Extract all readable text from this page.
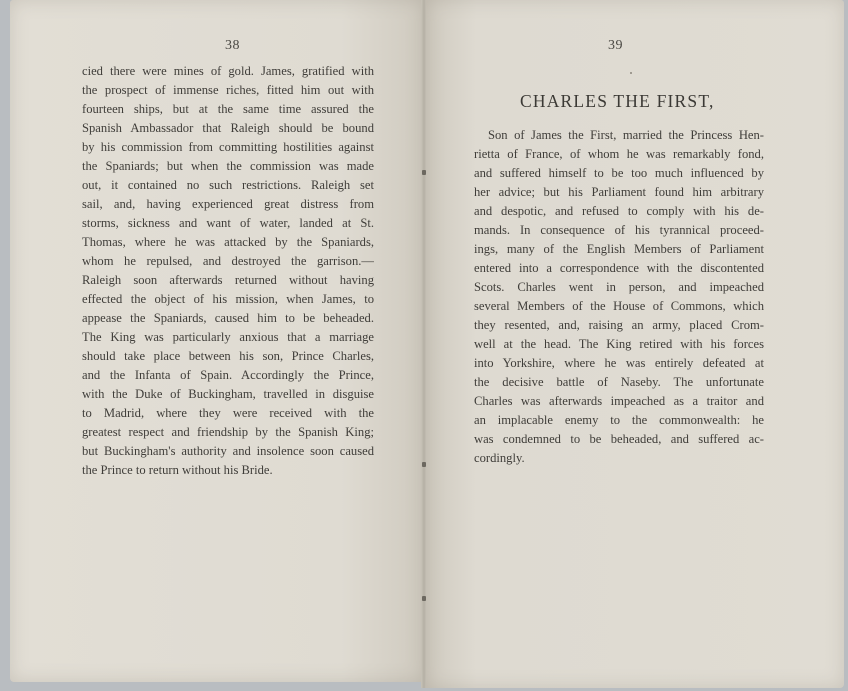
38
cied there were mines of gold. James, gratified with
the prospect of immense riches, fitted him out with
fourteen ships, but at the same time assured the
Spanish Ambassador that Raleigh should be bound
by his commission from committing hostilities against
the Spaniards; but when the commission was made
out, it contained no such restrictions. Raleigh set
sail, and, having experienced great distress from
storms, sickness and want of water, landed at St.
Thomas, where he was attacked by the Spaniards,
whom he repulsed, and destroyed the garrison.—
Raleigh soon afterwards returned without having
effected the object of his mission, when James, to
appease the Spaniards, caused him to be beheaded.
The King was particularly anxious that a marriage
should take place between his son, Prince Charles,
and the Infanta of Spain. Accordingly the Prince,
with the Duke of Buckingham, travelled in disguise
to Madrid, where they were received with the
greatest respect and friendship by the Spanish King;
but Buckingham's authority and insolence soon caused
the Prince to return without his Bride.
39
CHARLES THE FIRST,
Son of James the First, married the Princess Hen-
rietta of France, of whom he was remarkably fond,
and suffered himself to be too much influenced by
her advice; but his Parliament found him arbitrary
and despotic, and refused to comply with his de-
mands. In consequence of his tyrannical proceed-
ings, many of the English Members of Parliament
entered into a correspondence with the discontented
Scots. Charles went in person, and impeached
several Members of the House of Commons, which
they resented, and, raising an army, placed Crom-
well at the head. The King retired with his forces
into Yorkshire, where he was entirely defeated at
the decisive battle of Naseby. The unfortunate
Charles was afterwards impeached as a traitor and
an implacable enemy to the commonwealth: he
was condemned to be beheaded, and suffered ac-
cordingly.
